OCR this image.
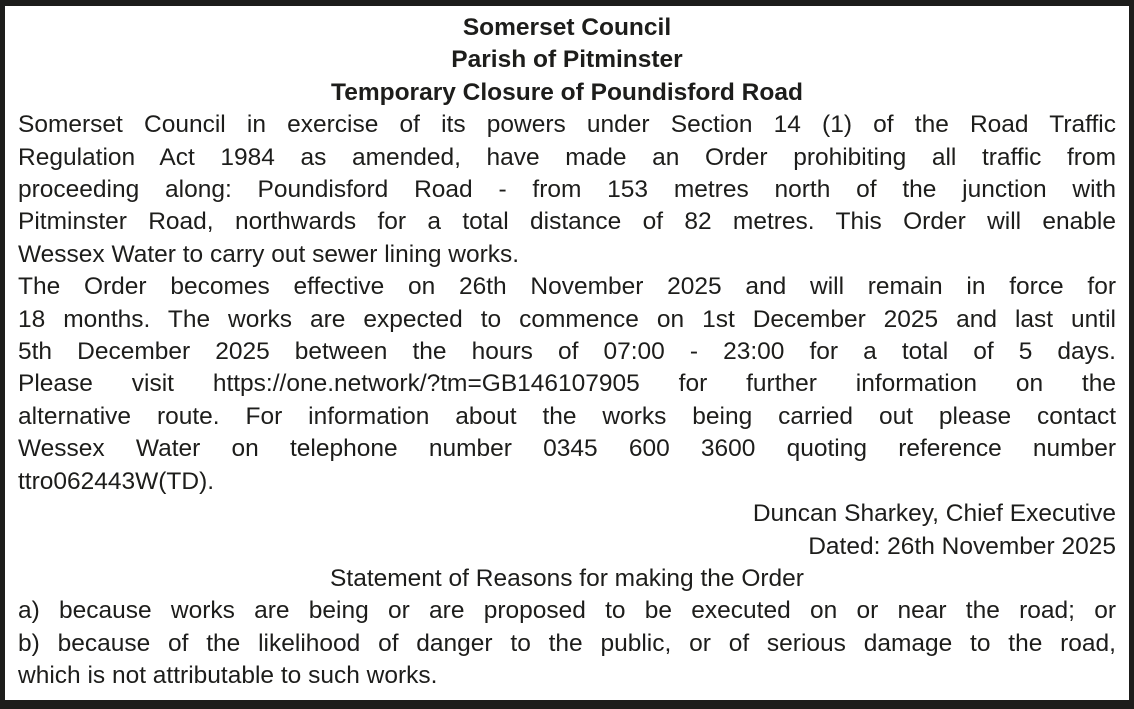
Somerset Council
Parish of Pitminster
Temporary Closure of Poundisford Road
Somerset Council in exercise of its powers under Section 14 (1) of the Road Traffic
Regulation Act 1984 as amended, have made an Order prohibiting all traffic from
proceeding along: Poundisford Road - from 153 metres north of the junction with
Pitminster Road, northwards for a total distance of 82 metres. This Order will enable
Wessex Water to carry out sewer lining works.
The Order becomes effective on 26th November 2025 and will remain in force for
18 months. The works are expected to commence on 1st December 2025 and last until
5th December 2025 between the hours of 07:00 - 23:00 for a total of 5 days.
Please visit https://one.network/?tm=GB146107905 for further information on the
alternative route. For information about the works being carried out please contact
Wessex Water on telephone number 0345 600 3600 quoting reference number
ttro062443W(TD).
Duncan Sharkey, Chief Executive
Dated: 26th November 2025
Statement of Reasons for making the Order
a) because works are being or are proposed to be executed on or near the road; or
b) because of the likelihood of danger to the public, or of serious damage to the road,
which is not attributable to such works.
